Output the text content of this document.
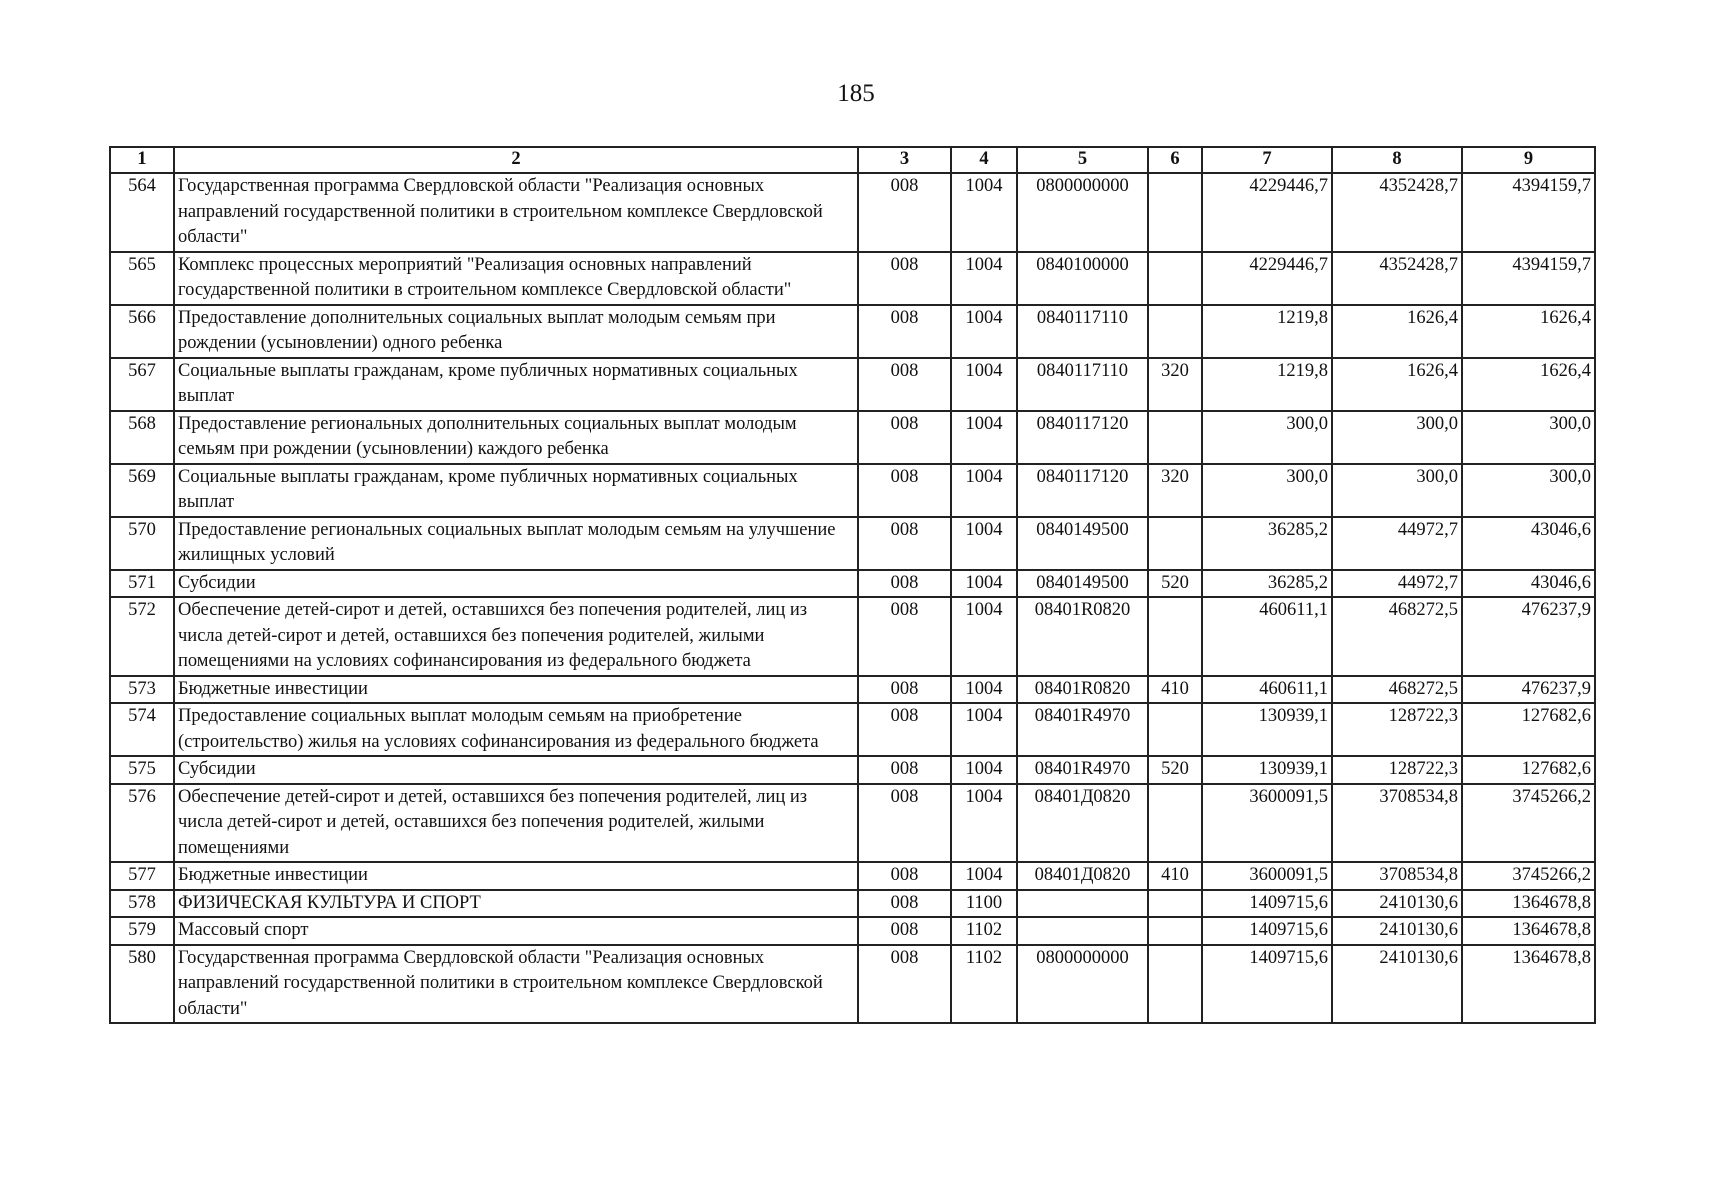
185
1	2	3	4	5	6	7	8	9
564	Государственная программа Свердловской области "Реализация основных направлений государственной политики в строительном комплексе Свердловской области"	008	1004	0800000000		4229446,7	4352428,7	4394159,7
565	Комплекс процессных мероприятий "Реализация основных направлений государственной политики в строительном комплексе Свердловской области"	008	1004	0840100000		4229446,7	4352428,7	4394159,7
566	Предоставление дополнительных социальных выплат молодым семьям при рождении (усыновлении) одного ребенка	008	1004	0840117110		1219,8	1626,4	1626,4
567	Социальные выплаты гражданам, кроме публичных нормативных социальных выплат	008	1004	0840117110	320	1219,8	1626,4	1626,4
568	Предоставление региональных дополнительных социальных выплат молодым семьям при рождении (усыновлении) каждого ребенка	008	1004	0840117120		300,0	300,0	300,0
569	Социальные выплаты гражданам, кроме публичных нормативных социальных выплат	008	1004	0840117120	320	300,0	300,0	300,0
570	Предоставление региональных социальных выплат молодым семьям на улучшение жилищных условий	008	1004	0840149500		36285,2	44972,7	43046,6
571	Субсидии	008	1004	0840149500	520	36285,2	44972,7	43046,6
572	Обеспечение детей-сирот и детей, оставшихся без попечения родителей, лиц из числа детей-сирот и детей, оставшихся без попечения родителей, жилыми помещениями на условиях софинансирования из федерального бюджета	008	1004	08401R0820		460611,1	468272,5	476237,9
573	Бюджетные инвестиции	008	1004	08401R0820	410	460611,1	468272,5	476237,9
574	Предоставление социальных выплат молодым семьям на приобретение (строительство) жилья на условиях софинансирования из федерального бюджета	008	1004	08401R4970		130939,1	128722,3	127682,6
575	Субсидии	008	1004	08401R4970	520	130939,1	128722,3	127682,6
576	Обеспечение детей-сирот и детей, оставшихся без попечения родителей, лиц из числа детей-сирот и детей, оставшихся без попечения родителей, жилыми помещениями	008	1004	08401Д0820		3600091,5	3708534,8	3745266,2
577	Бюджетные инвестиции	008	1004	08401Д0820	410	3600091,5	3708534,8	3745266,2
578	ФИЗИЧЕСКАЯ КУЛЬТУРА И СПОРТ	008	1100			1409715,6	2410130,6	1364678,8
579	Массовый спорт	008	1102			1409715,6	2410130,6	1364678,8
580	Государственная программа Свердловской области "Реализация основных направлений государственной политики в строительном комплексе Свердловской области"	008	1102	0800000000		1409715,6	2410130,6	1364678,8
